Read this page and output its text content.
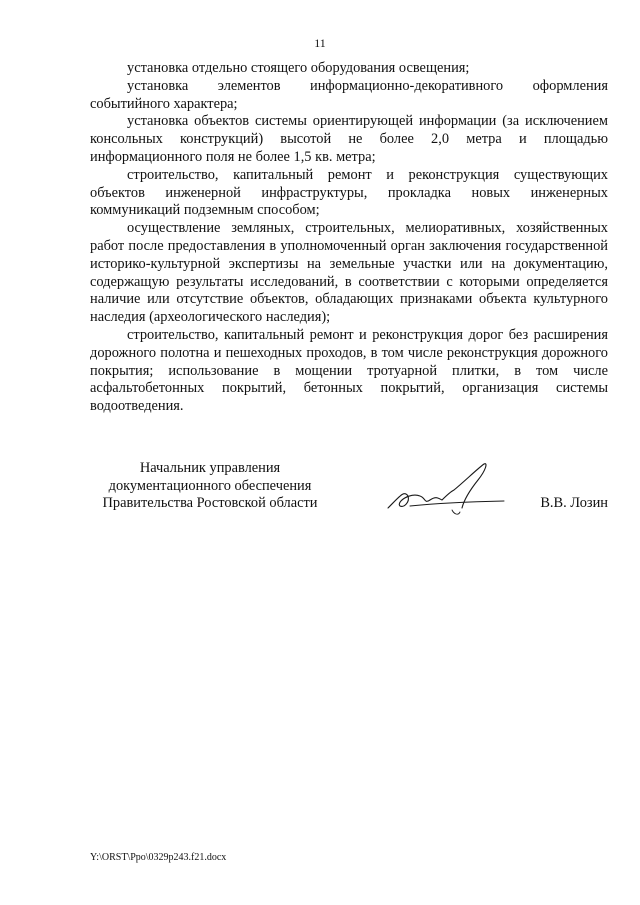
11

установка отдельно стоящего оборудования освещения;

установка элементов информационно-декоративного оформления событийного характера;

установка объектов системы ориентирующей информации (за исключением консольных конструкций) высотой не более 2,0 метра и площадью информационного поля не более 1,5 кв. метра;

строительство, капитальный ремонт и реконструкция существующих объектов инженерной инфраструктуры, прокладка новых инженерных коммуникаций подземным способом;

осуществление земляных, строительных, мелиоративных, хозяйственных работ после предоставления в уполномоченный орган заключения государственной историко-культурной экспертизы на земельные участки или на документацию, содержащую результаты исследований, в соответствии с которыми определяется наличие или отсутствие объектов, обладающих признаками объекта культурного наследия (археологического наследия);

строительство, капитальный ремонт и реконструкция дорог без расширения дорожного полотна и пешеходных проходов, в том числе реконструкция дорожного покрытия; использование в мощении тротуарной плитки, в том числе асфальтобетонных покрытий, бетонных покрытий, организация системы водоотведения.

Начальник управления
документационного обеспечения
Правительства Ростовской области	В.В. Лозин
Y:\ORST\Ppo\0329p243.f21.docx
